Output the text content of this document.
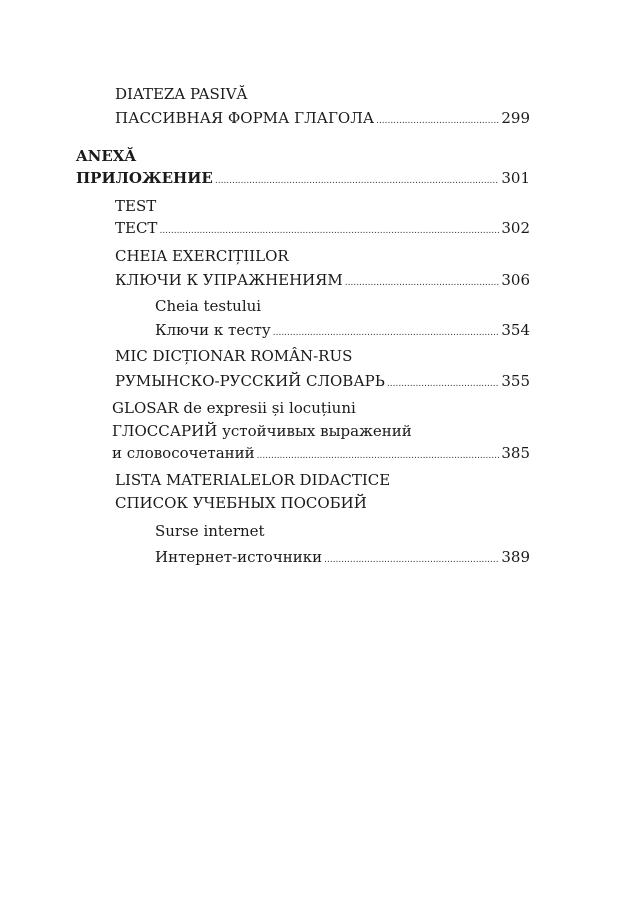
DIATEZA PASIVĂ
ПАССИВНАЯ ФОРМА ГЛАГОЛА .....	299
ANEXĂ
ПРИЛОЖЕНИЕ .....	301
TEST
ТЕСТ .....	302
CHEIA EXERCIȚIILOR
КЛЮЧИ К УПРАЖНЕНИЯМ .....	306
Cheia testului
Ключи к тесту .....	354
MIC DICȚIONAR ROMÂN-RUS
РУМЫНСКО-РУССКИЙ СЛОВАРЬ .....	355
GLOSAR de expresii și locuțiuni
ГЛОССАРИЙ устойчивых выражений
и словосочетаний .....	385
LISTA MATERIALELOR DIDACTICE
СПИСОК УЧЕБНЫХ ПОСОБИЙ
Surse internet
Интернет-источники .....	389
